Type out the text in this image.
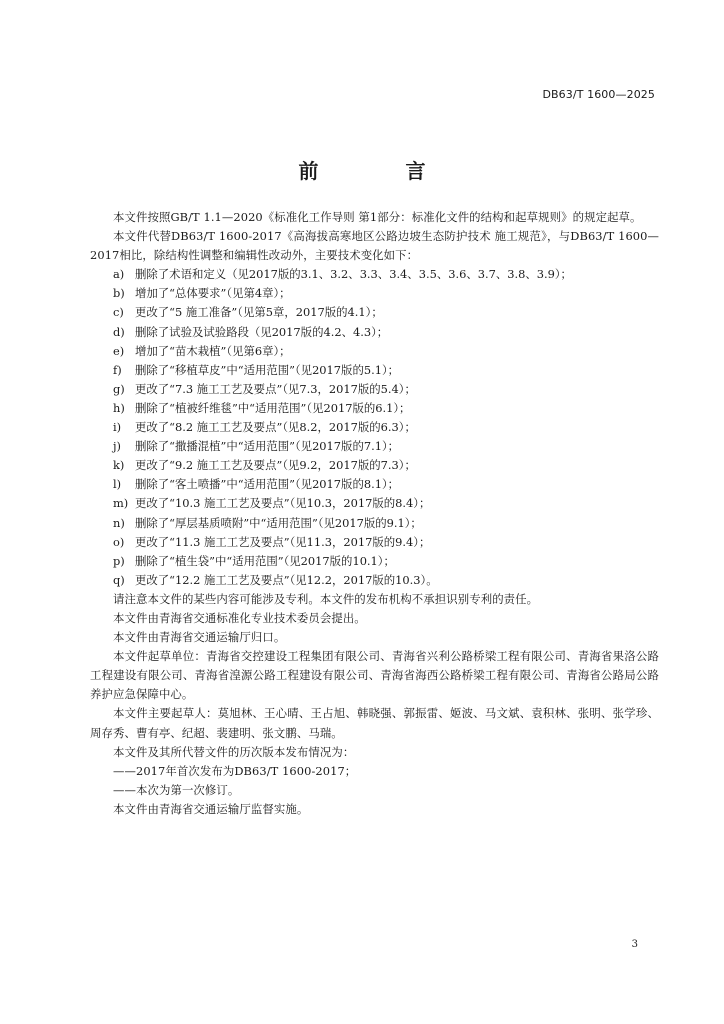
DB63/T 1600—2025
前 言

本文件按照GB/T 1.1—2020《标准化工作导则 第1部分：标准化文件的结构和起草规则》的规定起草。

本文件代替DB63/T 1600-2017《高海拔高寒地区公路边坡生态防护技术 施工规范》，与DB63/T 1600—2017相比，除结构性调整和编辑性改动外，主要技术变化如下：

a) 删除了术语和定义（见2017版的3.1、3.2、3.3、3.4、3.5、3.6、3.7、3.8、3.9）；
b) 增加了“总体要求”（见第4章）；
c) 更改了“5 施工准备”（见第5章，2017版的4.1）；
d) 删除了试验及试验路段（见2017版的4.2、4.3）；
e) 增加了“苗木栽植”（见第6章）；
f)	删除了“移植草皮”中“适用范围”（见2017版的5.1）；
g) 更改了“7.3 施工工艺及要点”（见7.3，2017版的5.4）；
h) 删除了“植被纤维毯”中“适用范围”（见2017版的6.1）；
i)	更改了“8.2 施工工艺及要点”（见8.2，2017版的6.3）；
j)	删除了“撒播混植”中“适用范围”（见2017版的7.1）；
k) 更改了“9.2 施工工艺及要点”（见9.2，2017版的7.3）；
l)	删除了“客土喷播”中“适用范围”（见2017版的8.1）；
m) 更改了“10.3 施工工艺及要点”（见10.3，2017版的8.4）；
n) 删除了“厚层基质喷附”中“适用范围”（见2017版的9.1）；
o) 更改了“11.3 施工工艺及要点”（见11.3，2017版的9.4）；
p) 删除了“植生袋”中“适用范围”（见2017版的10.1）；
q) 更改了“12.2 施工工艺及要点”（见12.2，2017版的10.3）。

请注意本文件的某些内容可能涉及专利。本文件的发布机构不承担识别专利的责任。

本文件由青海省交通标准化专业技术委员会提出。

本文件由青海省交通运输厅归口。

本文件起草单位：青海省交控建设工程集团有限公司、青海省兴利公路桥梁工程有限公司、青海省果洛公路工程建设有限公司、青海省湟源公路工程建设有限公司、青海省海西公路桥梁工程有限公司、青海省公路局公路养护应急保障中心。

本文件主要起草人：莫旭林、王心晴、王占旭、韩晓强、郭振雷、姬波、马文斌、袁积林、张明、张学珍、周存秀、曹有亭、纪超、裴建明、张文鹏、马瑞。

本文件及其所代替文件的历次版本发布情况为：

——2017年首次发布为DB63/T 1600-2017；

——本次为第一次修订。

本文件由青海省交通运输厅监督实施。

3
